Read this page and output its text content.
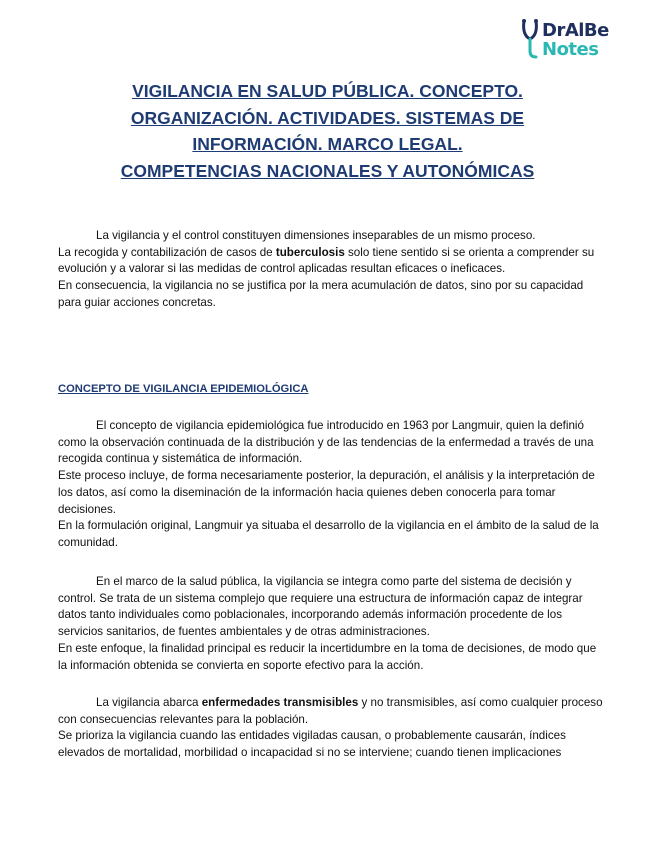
DrAlBe
Notes
VIGILANCIA EN SALUD PÚBLICA. CONCEPTO.
ORGANIZACIÓN. ACTIVIDADES. SISTEMAS DE
INFORMACIÓN. MARCO LEGAL.
COMPETENCIAS NACIONALES Y AUTONÓMICAS

La vigilancia y el control constituyen dimensiones inseparables de un mismo proceso.

La recogida y contabilización de casos de tuberculosis solo tiene sentido si se orienta a comprender su evolución y a valorar si las medidas de control aplicadas resultan eficaces o ineficaces.

En consecuencia, la vigilancia no se justifica por la mera acumulación de datos, sino por su capacidad para guiar acciones concretas.

CONCEPTO DE VIGILANCIA EPIDEMIOLÓGICA

El concepto de vigilancia epidemiológica fue introducido en 1963 por Langmuir, quien la definió como la observación continuada de la distribución y de las tendencias de la enfermedad a través de una recogida continua y sistemática de información.

Este proceso incluye, de forma necesariamente posterior, la depuración, el análisis y la interpretación de los datos, así como la diseminación de la información hacia quienes deben conocerla para tomar decisiones.

En la formulación original, Langmuir ya situaba el desarrollo de la vigilancia en el ámbito de la salud de la comunidad.

En el marco de la salud pública, la vigilancia se integra como parte del sistema de decisión y control. Se trata de un sistema complejo que requiere una estructura de información capaz de integrar datos tanto individuales como poblacionales, incorporando además información procedente de los servicios sanitarios, de fuentes ambientales y de otras administraciones.

En este enfoque, la finalidad principal es reducir la incertidumbre en la toma de decisiones, de modo que la información obtenida se convierta en soporte efectivo para la acción.

La vigilancia abarca enfermedades transmisibles y no transmisibles, así como cualquier proceso con consecuencias relevantes para la población.

Se prioriza la vigilancia cuando las entidades vigiladas causan, o probablemente causarán, índices elevados de mortalidad, morbilidad o incapacidad si no se interviene; cuando tienen implicaciones
